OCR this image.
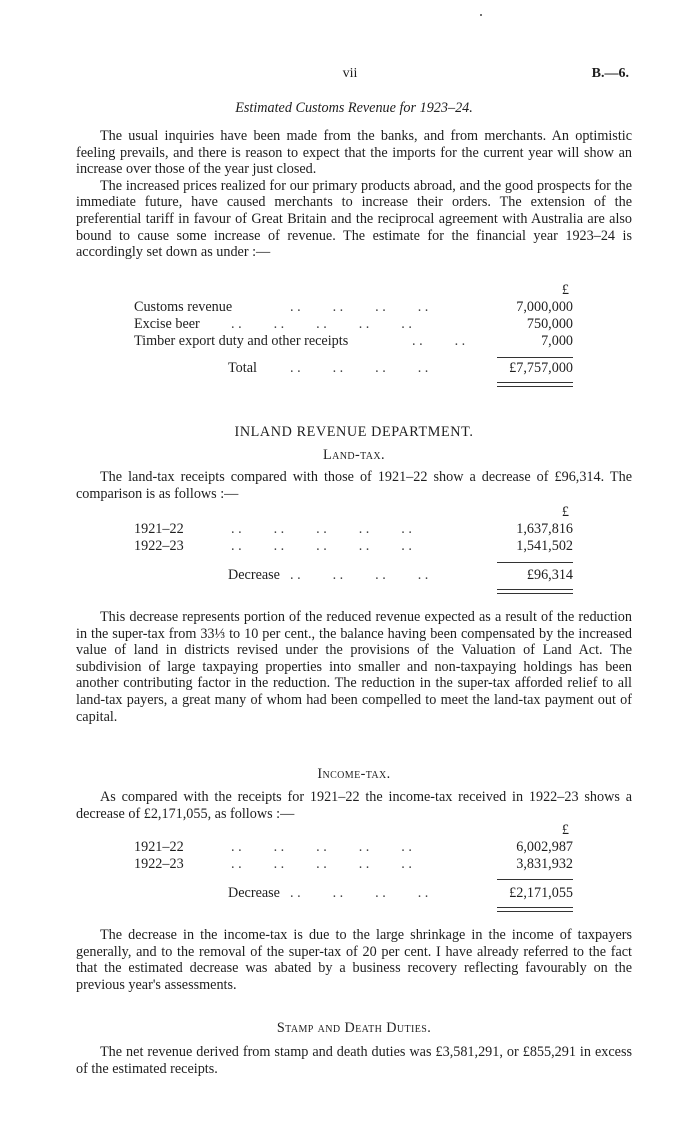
vii	B.—6.
Estimated Customs Revenue for 1923–24.

The usual inquiries have been made from the banks, and from merchants. An optimistic feeling prevails, and there is reason to expect that the imports for the current year will show an increase over those of the year just closed.

The increased prices realized for our primary products abroad, and the good prospects for the immediate future, have caused merchants to increase their orders. The extension of the preferential tariff in favour of Great Britain and the reciprocal agreement with Australia are also bound to cause some increase of revenue. The estimate for the financial year 1923–24 is accordingly set down as under :—

£
Customs revenue	. .         . .         . .         . .	7,000,000
Excise beer . .         . .         . .         . .         . .	750,000
Timber export duty and other receipts	. .         . .	7,000
Total . .         . .         . .         . .	£7,757,000
INLAND REVENUE DEPARTMENT.
Land-tax.

The land-tax receipts compared with those of 1921–22 show a decrease of £96,314. The comparison is as follows :—

£
1921–22	. .         . .         . .         . .         . .	1,637,816
1922–23	. .         . .         . .         . .         . .	1,541,502
Decrease . .         . .         . .         . .	£96,314

This decrease represents portion of the reduced revenue expected as a result of the reduction in the super-tax from 33⅓ to 10 per cent., the balance having been compensated by the increased value of land in districts revised under the provisions of the Valuation of Land Act. The subdivision of large taxpaying properties into smaller and non-taxpaying holdings has been another contributing factor in the reduction. The reduction in the super-tax afforded relief to all land-tax payers, a great many of whom had been compelled to meet the land-tax payment out of capital.

Income-tax.

As compared with the receipts for 1921–22 the income-tax received in 1922–23 shows a decrease of £2,171,055, as follows :—

£
1921–22	. .         . .         . .         . .         . .	6,002,987
1922–23	. .         . .         . .         . .         . .	3,831,932
Decrease . .         . .         . .         . .	£2,171,055

The decrease in the income-tax is due to the large shrinkage in the income of taxpayers generally, and to the removal of the super-tax of 20 per cent. I have already referred to the fact that the estimated decrease was abated by a business recovery reflecting favourably on the previous year's assessments.

Stamp and Death Duties.

The net revenue derived from stamp and death duties was £3,581,291, or £855,291 in excess of the estimated receipts.
